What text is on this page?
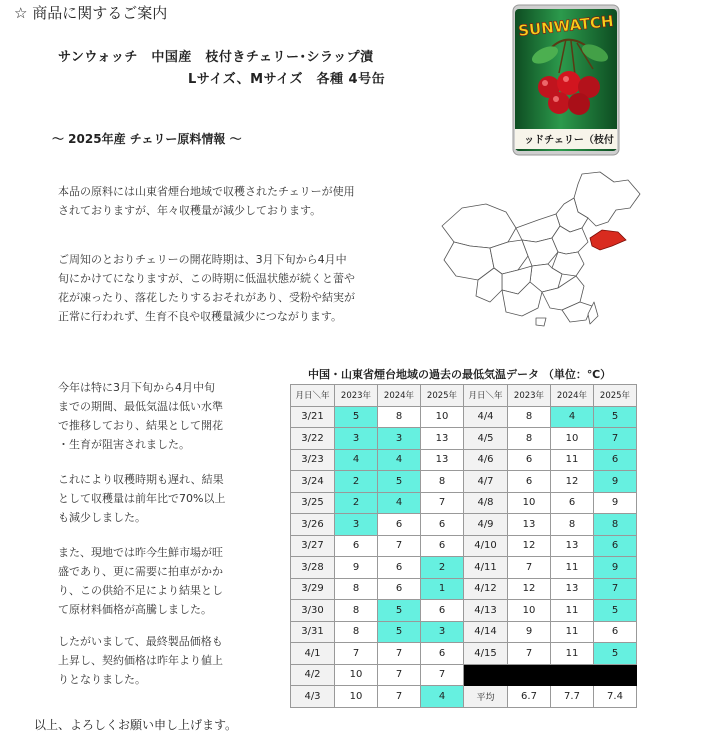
☆ 商品に関するご案内
サンウォッチ　中国産　枝付きチェリー･シラップ漬
Lサイズ、Mサイズ　各種 4号缶
SUNWATCH
ッドチェリー（枝付
～ 2025年産 チェリー原料情報 ～
本品の原料には山東省煙台地域で収穫されたチェリーが使用
されておりますが、年々収穫量が減少しております。
ご周知のとおりチェリーの開花時期は、3月下旬から4月中
旬にかけてになりますが、この時期に低温状態が続くと蕾や
花が凍ったり、落花したりするおそれがあり、受粉や結実が
正常に行われず、生育不良や収穫量減少につながります。
今年は特に3月下旬から4月中旬
までの期間、最低気温は低い水準
で推移しており、結果として開花
・生育が阻害されました。
これにより収穫時期も遅れ、結果
として収穫量は前年比で70%以上
も減少しました。
また、現地では昨今生鮮市場が旺
盛であり、更に需要に拍車がかか
り、この供給不足により結果とし
て原材料価格が高騰しました。
したがいまして、最終製品価格も
上昇し、契約価格は昨年より値上
りとなりました。
中国・山東省煙台地域の過去の最低気温データ （単位：℃）
月日＼年	2023年	2024年	2025年	月日＼年	2023年	2024年	2025年
3/21	5	8	10	4/4	8	4	5
3/22	3	3	13	4/5	8	10	7
3/23	4	4	13	4/6	6	11	6
3/24	2	5	8	4/7	6	12	9
3/25	2	4	7	4/8	10	6	9
3/26	3	6	6	4/9	13	8	8
3/27	6	7	6	4/10	12	13	6
3/28	9	6	2	4/11	7	11	9
3/29	8	6	1	4/12	12	13	7
3/30	8	5	6	4/13	10	11	5
3/31	8	5	3	4/14	9	11	6
4/1	7	7	6	4/15	7	11	5
4/2	10	7	7				
4/3	10	7	4	平均	6.7	7.7	7.4
以上、よろしくお願い申し上げます。
